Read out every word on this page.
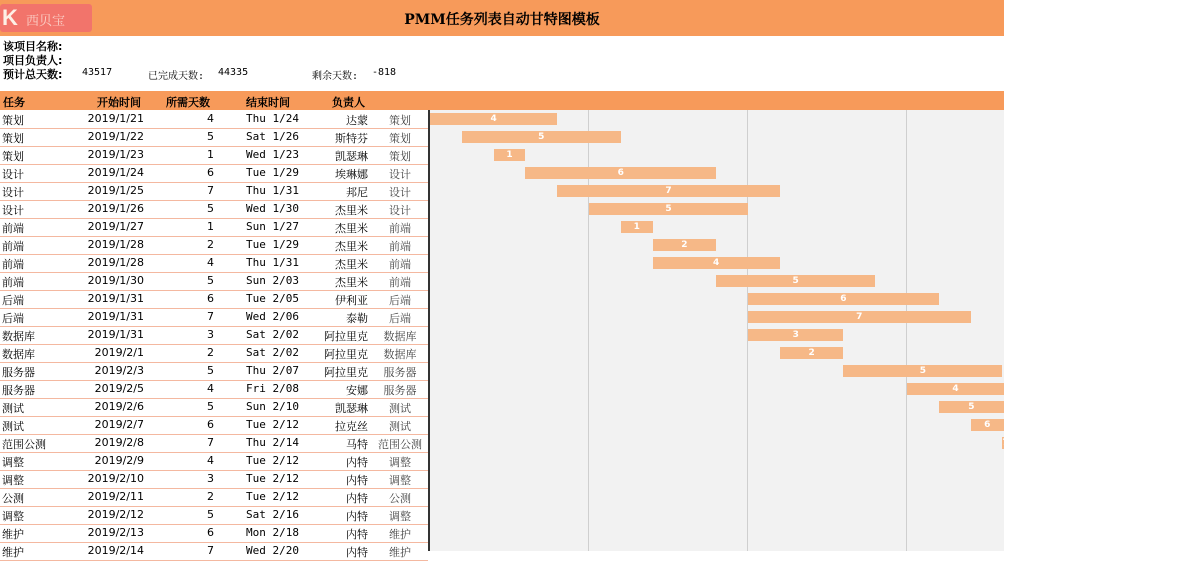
PMM任务列表自动甘特图模板
K 西贝宝
该项目名称:
项目负责人:
预计总天数: 43517	已完成天数: 44335	剩余天数: -818
任务	开始时间 所需天数	结束时间	负责人
策划	2019/1/21	4	Thu 1/24	达蒙	策划
策划	2019/1/22	5	Sat 1/26	斯特芬	策划
策划	2019/1/23	1	Wed 1/23	凯瑟琳	策划
设计	2019/1/24	6	Tue 1/29	埃琳娜	设计
设计	2019/1/25	7	Thu 1/31	邦尼	设计
设计	2019/1/26	5	Wed 1/30	杰里米	设计
前端	2019/1/27	1	Sun 1/27	杰里米	前端
前端	2019/1/28	2	Tue 1/29	杰里米	前端
前端	2019/1/28	4	Thu 1/31	杰里米	前端
前端	2019/1/30	5	Sun 2/03	杰里米	前端
后端	2019/1/31	6	Tue 2/05	伊利亚	后端
后端	2019/1/31	7	Wed 2/06	泰勒	后端
数据库	2019/1/31	3	Sat 2/02 阿拉里克	数据库
数据库	2019/2/1	2	Sat 2/02 阿拉里克	数据库
服务器	2019/2/3	5	Thu 2/07 阿拉里克	服务器
服务器	2019/2/5	4	Fri 2/08	安娜	服务器
测试	2019/2/6	5	Sun 2/10	凯瑟琳	测试
测试	2019/2/7	6	Tue 2/12	拉克丝	测试
范围公测	2019/2/8	7	Thu 2/14	马特 范围公测
调整	2019/2/9	4	Tue 2/12	内特	调整
调整	2019/2/10	3	Tue 2/12	内特	调整
公测	2019/2/11	2	Tue 2/12	内特	公测
调整	2019/2/12	5	Sat 2/16	内特	调整
维护	2019/2/13	6	Mon 2/18	内特	维护
维护	2019/2/14	7	Wed 2/20	内特	维护
4
5
1
6
7
5
1
2
4
5
6
7
3
2
5
4
5
6
7
4
3
2
5
6
7
